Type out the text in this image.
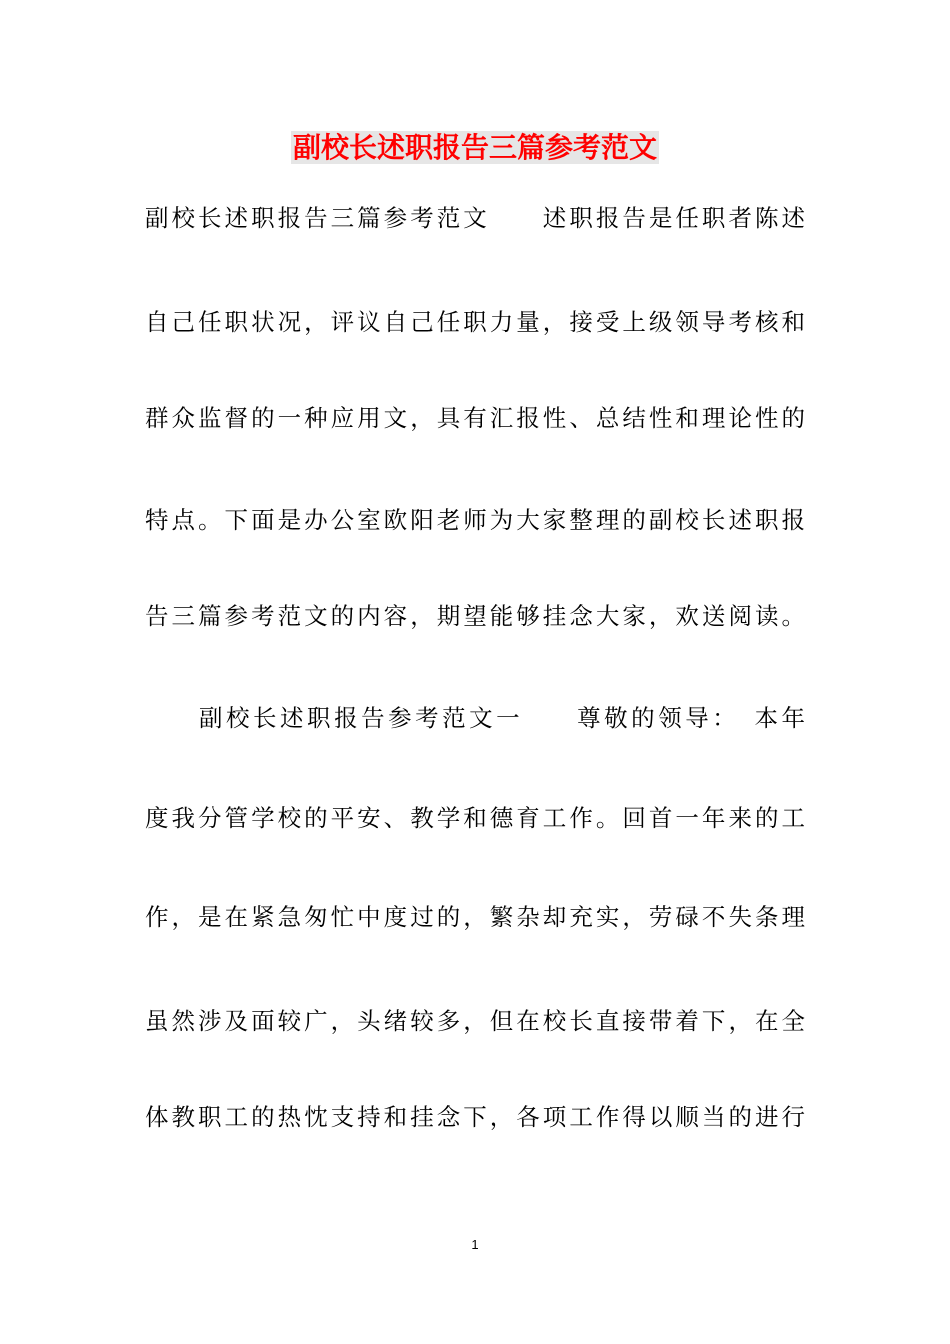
副校长述职报告三篇参考范文

副校长述职报告三篇参考范文　　述职报告是任职者陈述

自己任职状况，评议自己任职力量，接受上级领导考核和

群众监督的一种应用文，具有汇报性、总结性和理论性的

特点。下面是办公室欧阳老师为大家整理的副校长述职报

告三篇参考范文的内容，期望能够挂念大家，欢送阅读。

　　副校长述职报告参考范文一　　尊敬的领导：　本年

度我分管学校的平安、教学和德育工作。回首一年来的工

作，是在紧急匆忙中度过的，繁杂却充实，劳碌不失条理

虽然涉及面较广，头绪较多，但在校长直接带着下，在全

体教职工的热忱支持和挂念下，各项工作得以顺当的进行

1
